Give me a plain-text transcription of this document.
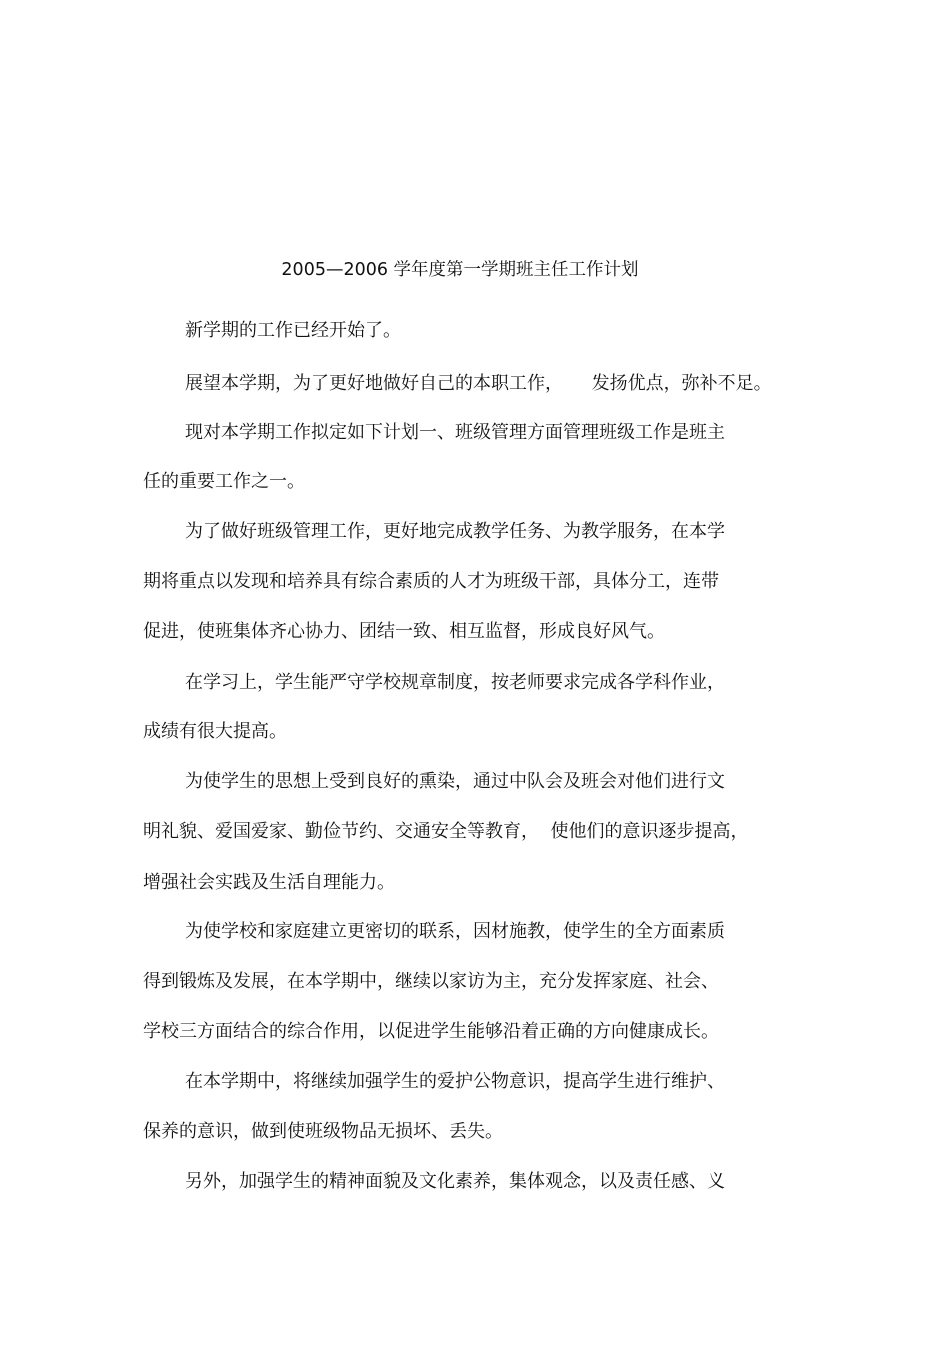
2005—2006 学年度第一学期班主任工作计划
新学期的工作已经开始了。
展望本学期，为了更好地做好自己的本职工作，     发扬优点，弥补不足。
现对本学期工作拟定如下计划一、班级管理方面管理班级工作是班主
任的重要工作之一。
为了做好班级管理工作，更好地完成教学任务、为教学服务，在本学
期将重点以发现和培养具有综合素质的人才为班级干部，具体分工，连带
促进，使班集体齐心协力、团结一致、相互监督，形成良好风气。
在学习上，学生能严守学校规章制度，按老师要求完成各学科作业，
成绩有很大提高。
为使学生的思想上受到良好的熏染，通过中队会及班会对他们进行文
明礼貌、爱国爱家、勤俭节约、交通安全等教育，  使他们的意识逐步提高，
增强社会实践及生活自理能力。
为使学校和家庭建立更密切的联系，因材施教，使学生的全方面素质
得到锻炼及发展，在本学期中，继续以家访为主，充分发挥家庭、社会、
学校三方面结合的综合作用，以促进学生能够沿着正确的方向健康成长。
在本学期中，将继续加强学生的爱护公物意识，提高学生进行维护、
保养的意识，做到使班级物品无损坏、丢失。
另外，加强学生的精神面貌及文化素养，集体观念，以及责任感、义
